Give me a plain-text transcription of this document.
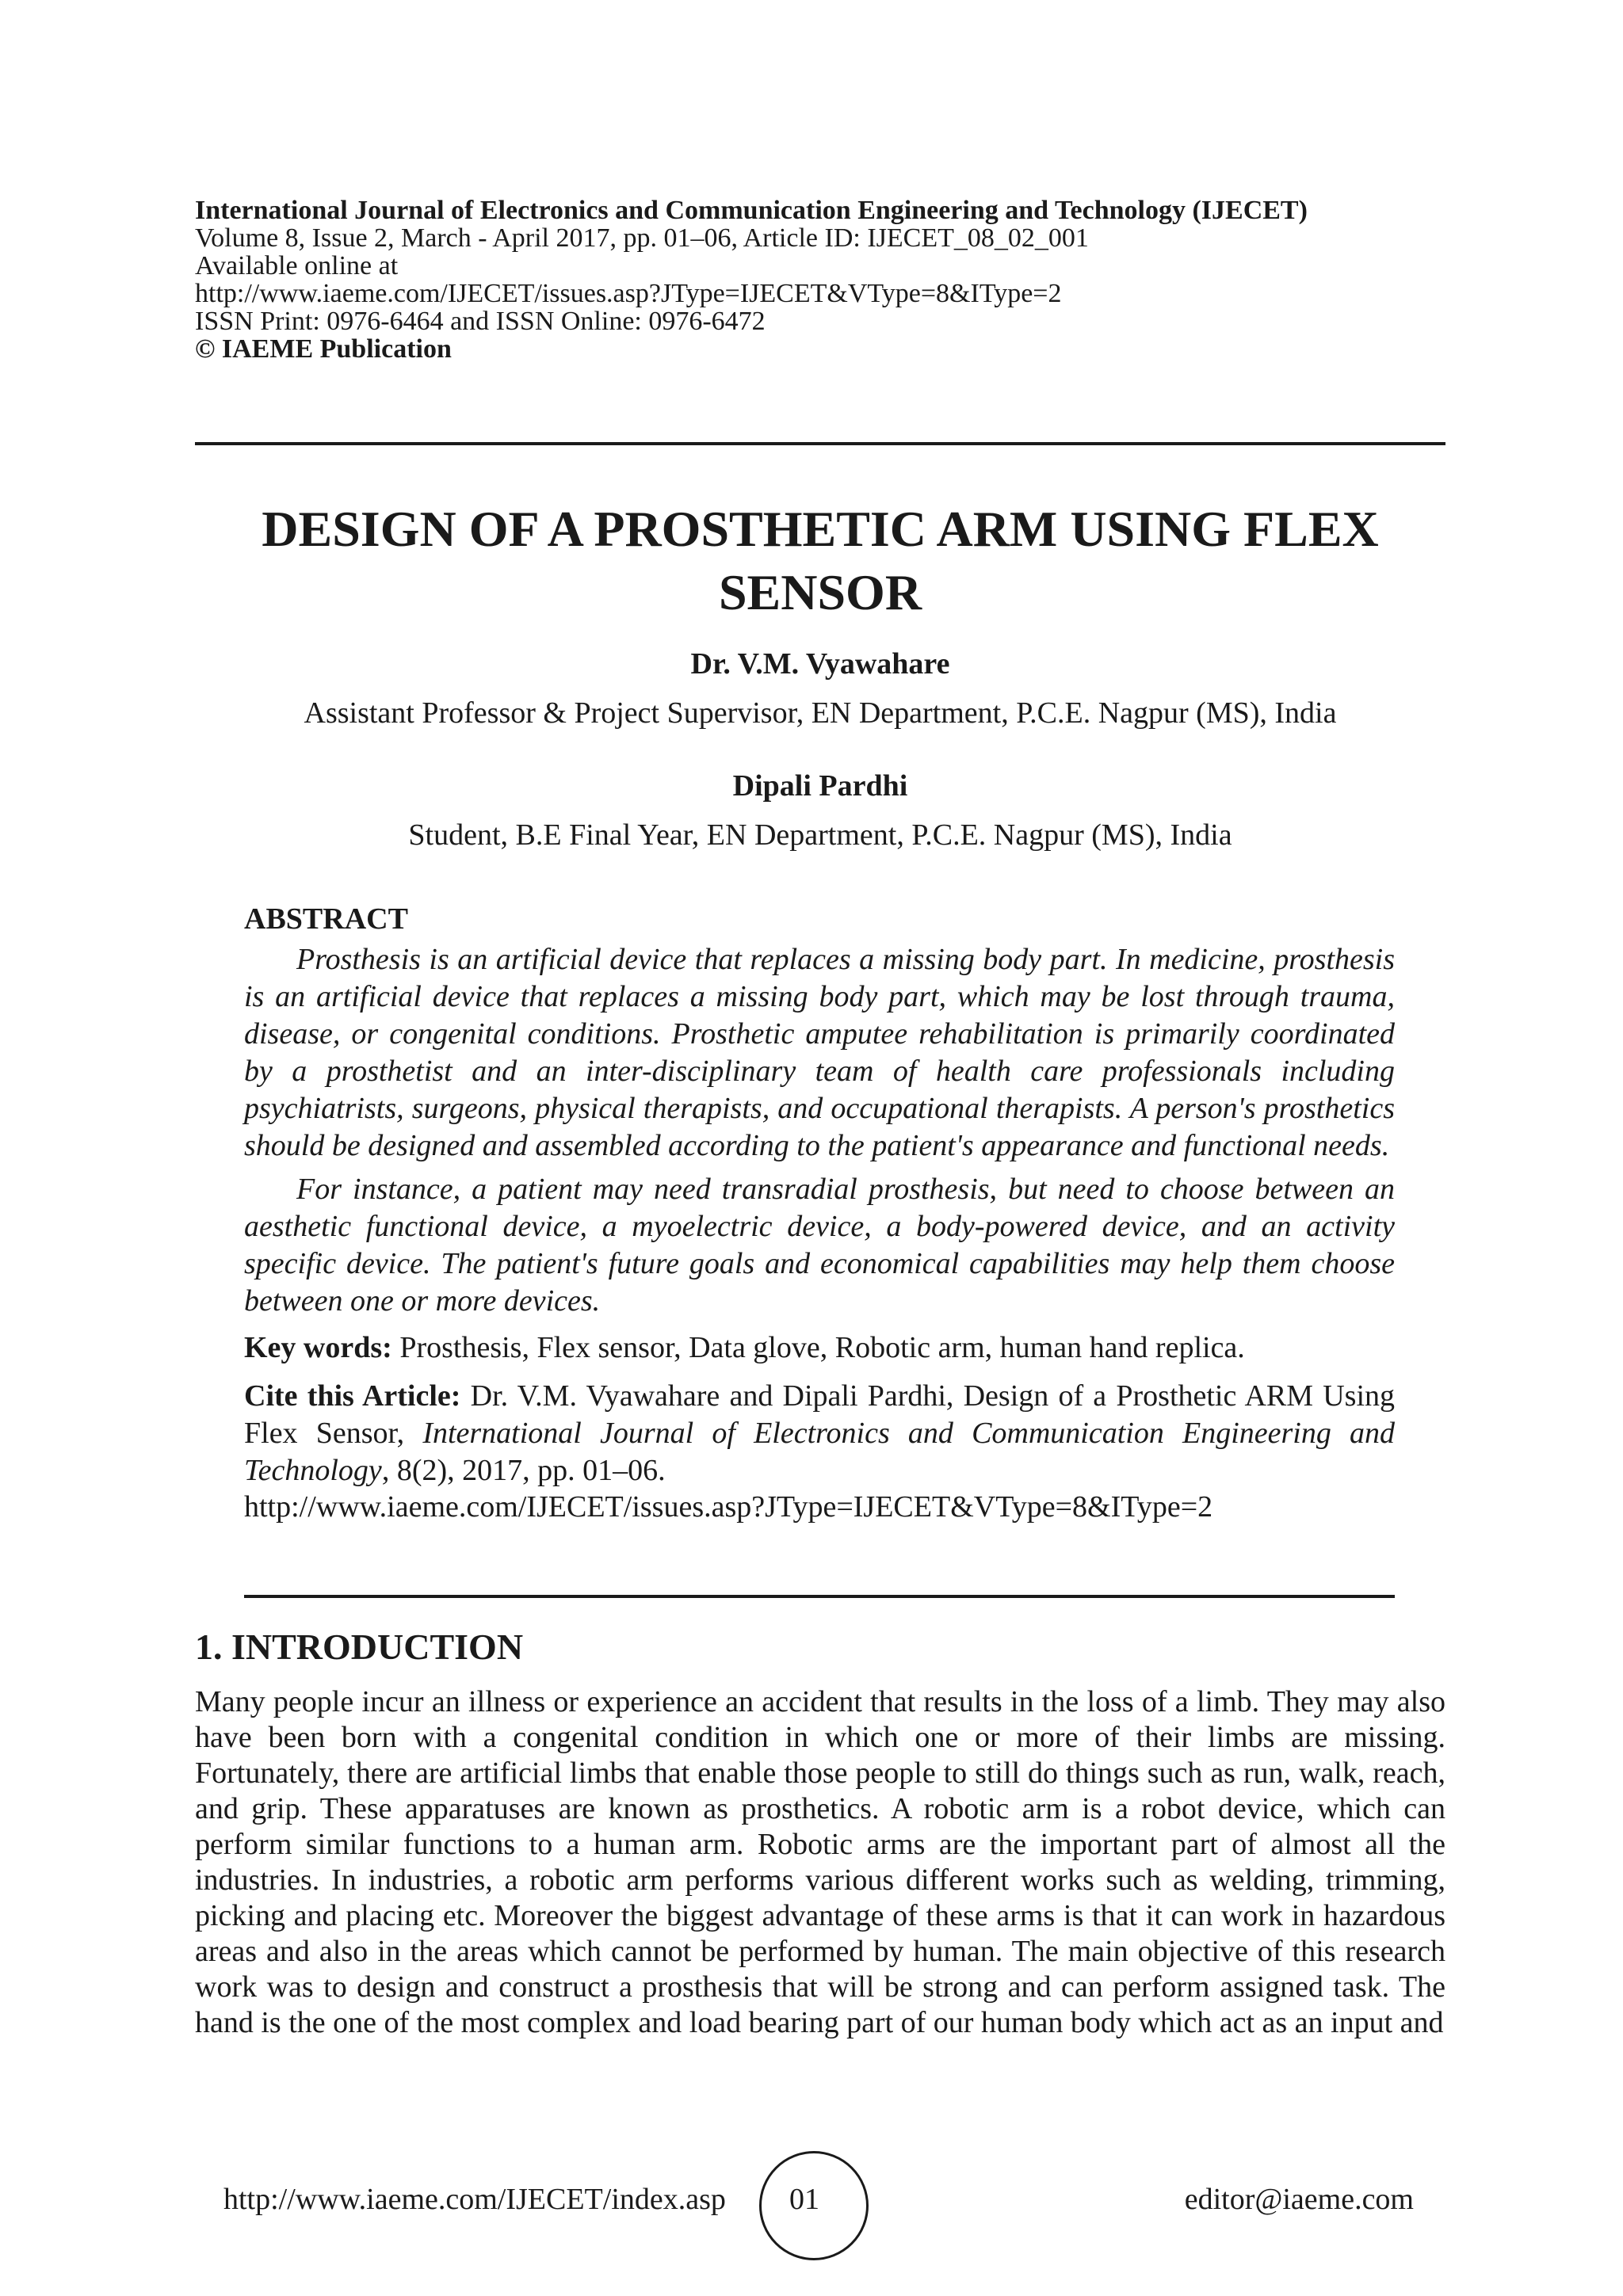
International Journal of Electronics and Communication Engineering and Technology (IJECET)
Volume 8, Issue 2, March - April 2017, pp. 01–06, Article ID: IJECET_08_02_001
Available online at
http://www.iaeme.com/IJECET/issues.asp?JType=IJECET&VType=8&IType=2
ISSN Print: 0976-6464 and ISSN Online: 0976-6472
© IAEME Publication
DESIGN OF A PROSTHETIC ARM USING FLEX SENSOR
Dr. V.M. Vyawahare
Assistant Professor & Project Supervisor, EN Department, P.C.E. Nagpur (MS), India
Dipali Pardhi
Student, B.E Final Year, EN Department, P.C.E. Nagpur (MS), India
ABSTRACT

Prosthesis is an artificial device that replaces a missing body part. In medicine, prosthesis is an artificial device that replaces a missing body part, which may be lost through trauma, disease, or congenital conditions. Prosthetic amputee rehabilitation is primarily coordinated by a prosthetist and an inter-disciplinary team of health care professionals including psychiatrists, surgeons, physical therapists, and occupational therapists. A person's prosthetics should be designed and assembled according to the patient's appearance and functional needs.

For instance, a patient may need transradial prosthesis, but need to choose between an aesthetic functional device, a myoelectric device, a body-powered device, and an activity specific device. The patient's future goals and economical capabilities may help them choose between one or more devices.

Key words: Prosthesis, Flex sensor, Data glove, Robotic arm, human hand replica.
Cite this Article: Dr. V.M. Vyawahare and Dipali Pardhi, Design of a Prosthetic ARM Using Flex Sensor, International Journal of Electronics and Communication Engineering and Technology, 8(2), 2017, pp. 01–06.
http://www.iaeme.com/IJECET/issues.asp?JType=IJECET&VType=8&IType=2
1. INTRODUCTION

Many people incur an illness or experience an accident that results in the loss of a limb. They may also have been born with a congenital condition in which one or more of their limbs are missing. Fortunately, there are artificial limbs that enable those people to still do things such as run, walk, reach, and grip. These apparatuses are known as prosthetics. A robotic arm is a robot device, which can perform similar functions to a human arm. Robotic arms are the important part of almost all the industries. In industries, a robotic arm performs various different works such as welding, trimming, picking and placing etc. Moreover the biggest advantage of these arms is that it can work in hazardous areas and also in the areas which cannot be performed by human. The main objective of this research work was to design and construct a prosthesis that will be strong and can perform assigned task. The hand is the one of the most complex and load bearing part of our human body which act as an input and

http://www.iaeme.com/IJECET/index.asp 01	editor@iaeme.com
